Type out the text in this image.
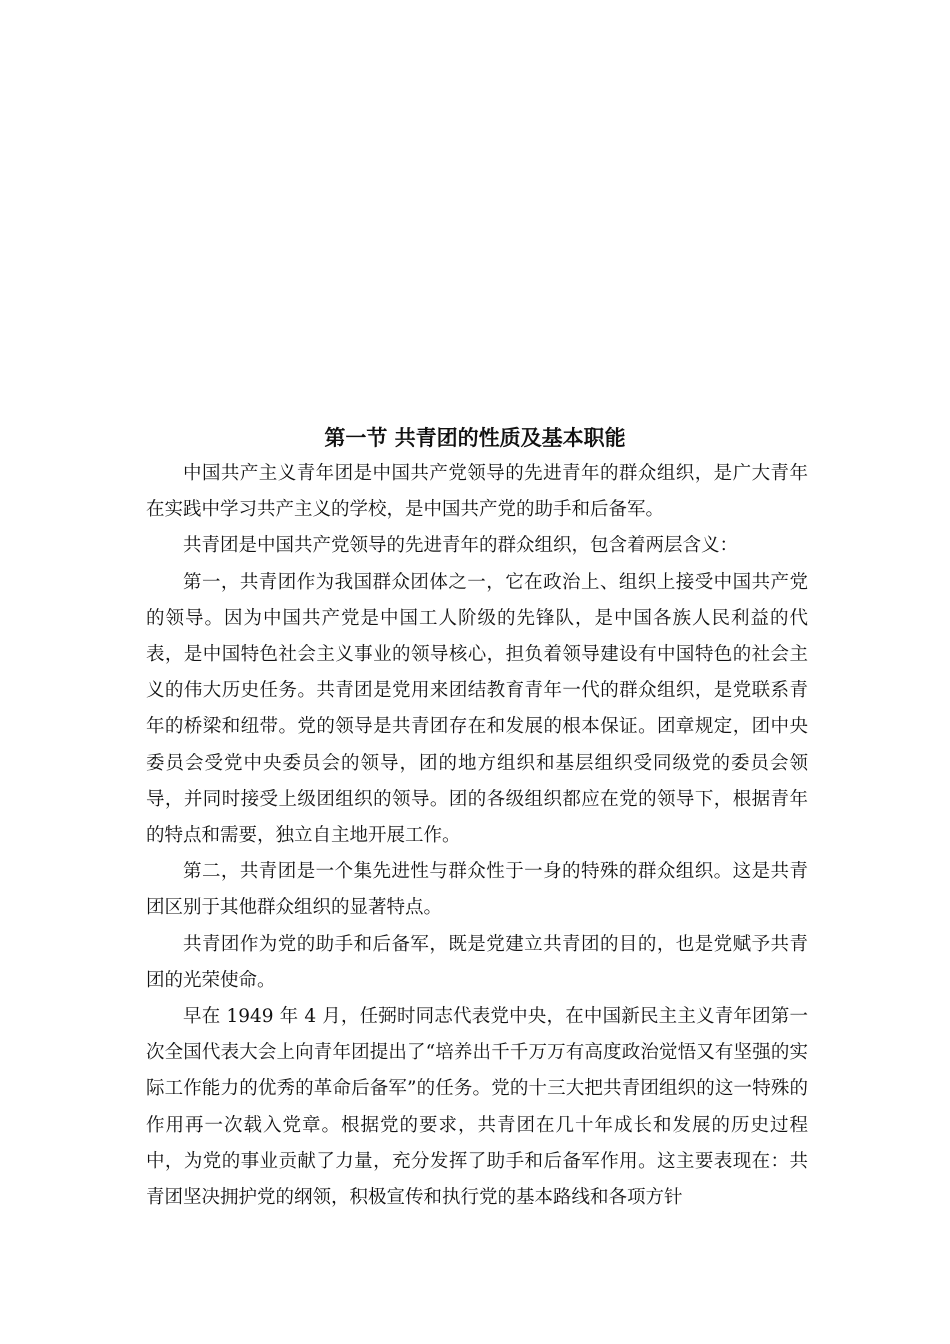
第一节 共青团的性质及基本职能

中国共产主义青年团是中国共产党领导的先进青年的群众组织，是广大青年在实践中学习共产主义的学校，是中国共产党的助手和后备军。

共青团是中国共产党领导的先进青年的群众组织，包含着两层含义：

第一，共青团作为我国群众团体之一，它在政治上、组织上接受中国共产党的领导。因为中国共产党是中国工人阶级的先锋队，是中国各族人民利益的代表，是中国特色社会主义事业的领导核心，担负着领导建设有中国特色的社会主义的伟大历史任务。共青团是党用来团结教育青年一代的群众组织，是党联系青年的桥梁和纽带。党的领导是共青团存在和发展的根本保证。团章规定，团中央委员会受党中央委员会的领导，团的地方组织和基层组织受同级党的委员会领导，并同时接受上级团组织的领导。团的各级组织都应在党的领导下，根据青年的特点和需要，独立自主地开展工作。

第二，共青团是一个集先进性与群众性于一身的特殊的群众组织。这是共青团区别于其他群众组织的显著特点。

共青团作为党的助手和后备军，既是党建立共青团的目的，也是党赋予共青团的光荣使命。

早在 1949 年 4 月，任弼时同志代表党中央，在中国新民主主义青年团第一次全国代表大会上向青年团提出了“培养出千千万万有高度政治觉悟又有坚强的实际工作能力的优秀的革命后备军”的任务。党的十三大把共青团组织的这一特殊的作用再一次载入党章。根据党的要求，共青团在几十年成长和发展的历史过程中，为党的事业贡献了力量，充分发挥了助手和后备军作用。这主要表现在：共青团坚决拥护党的纲领，积极宣传和执行党的基本路线和各项方针
